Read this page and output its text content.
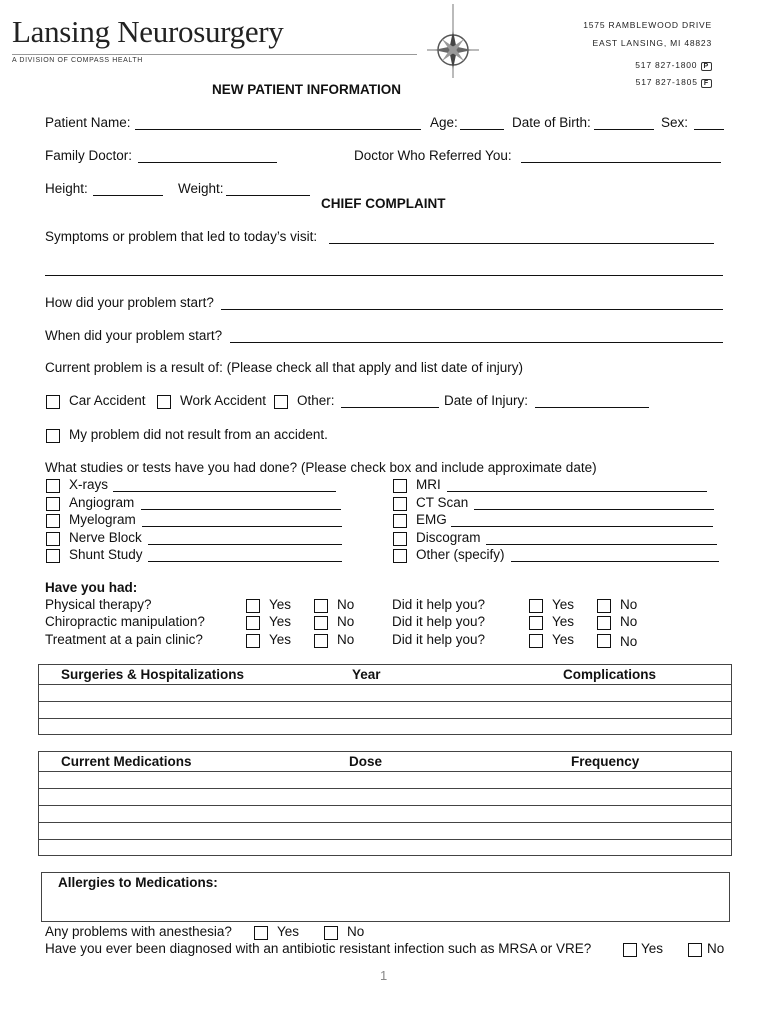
Lansing Neurosurgery
A DIVISION OF COMPASS HEALTH
1575 RAMBLEWOOD DRIVE
EAST LANSING, MI 48823
517 827-1800 P
517 827-1805 F
NEW PATIENT INFORMATION
Patient Name:	Age:	Date of Birth:	Sex:
Family Doctor:	Doctor Who Referred You:
Height:	Weight:
CHIEF COMPLAINT
Symptoms or problem that led to today’s visit:
How did your problem start?
When did your problem start?
Current problem is a result of: (Please check all that apply and list date of injury)
Car Accident	Work Accident Other:	Date of Injury:
My problem did not result from an accident.
What studies or tests have you had done? (Please check box and include approximate date)
X-rays
Angiogram
Myelogram
Nerve Block
Shunt Study
MRI
CT Scan
EMG
Discogram
Other (specify)
Have you had:
Physical therapy?	Yes	No	Did it help you?	Yes	No
Chiropractic manipulation?	Yes	No	Did it help you?	Yes	No
Treatment at a pain clinic?	Yes	No	Did it help you?	Yes	No
Surgeries & Hospitalizations	Year	Complications
Current Medications	Dose	Frequency
Allergies to Medications:
Any problems with anesthesia?	Yes	No
Have you ever been diagnosed with an antibiotic resistant infection such as MRSA or VRE?	Yes	No
1
